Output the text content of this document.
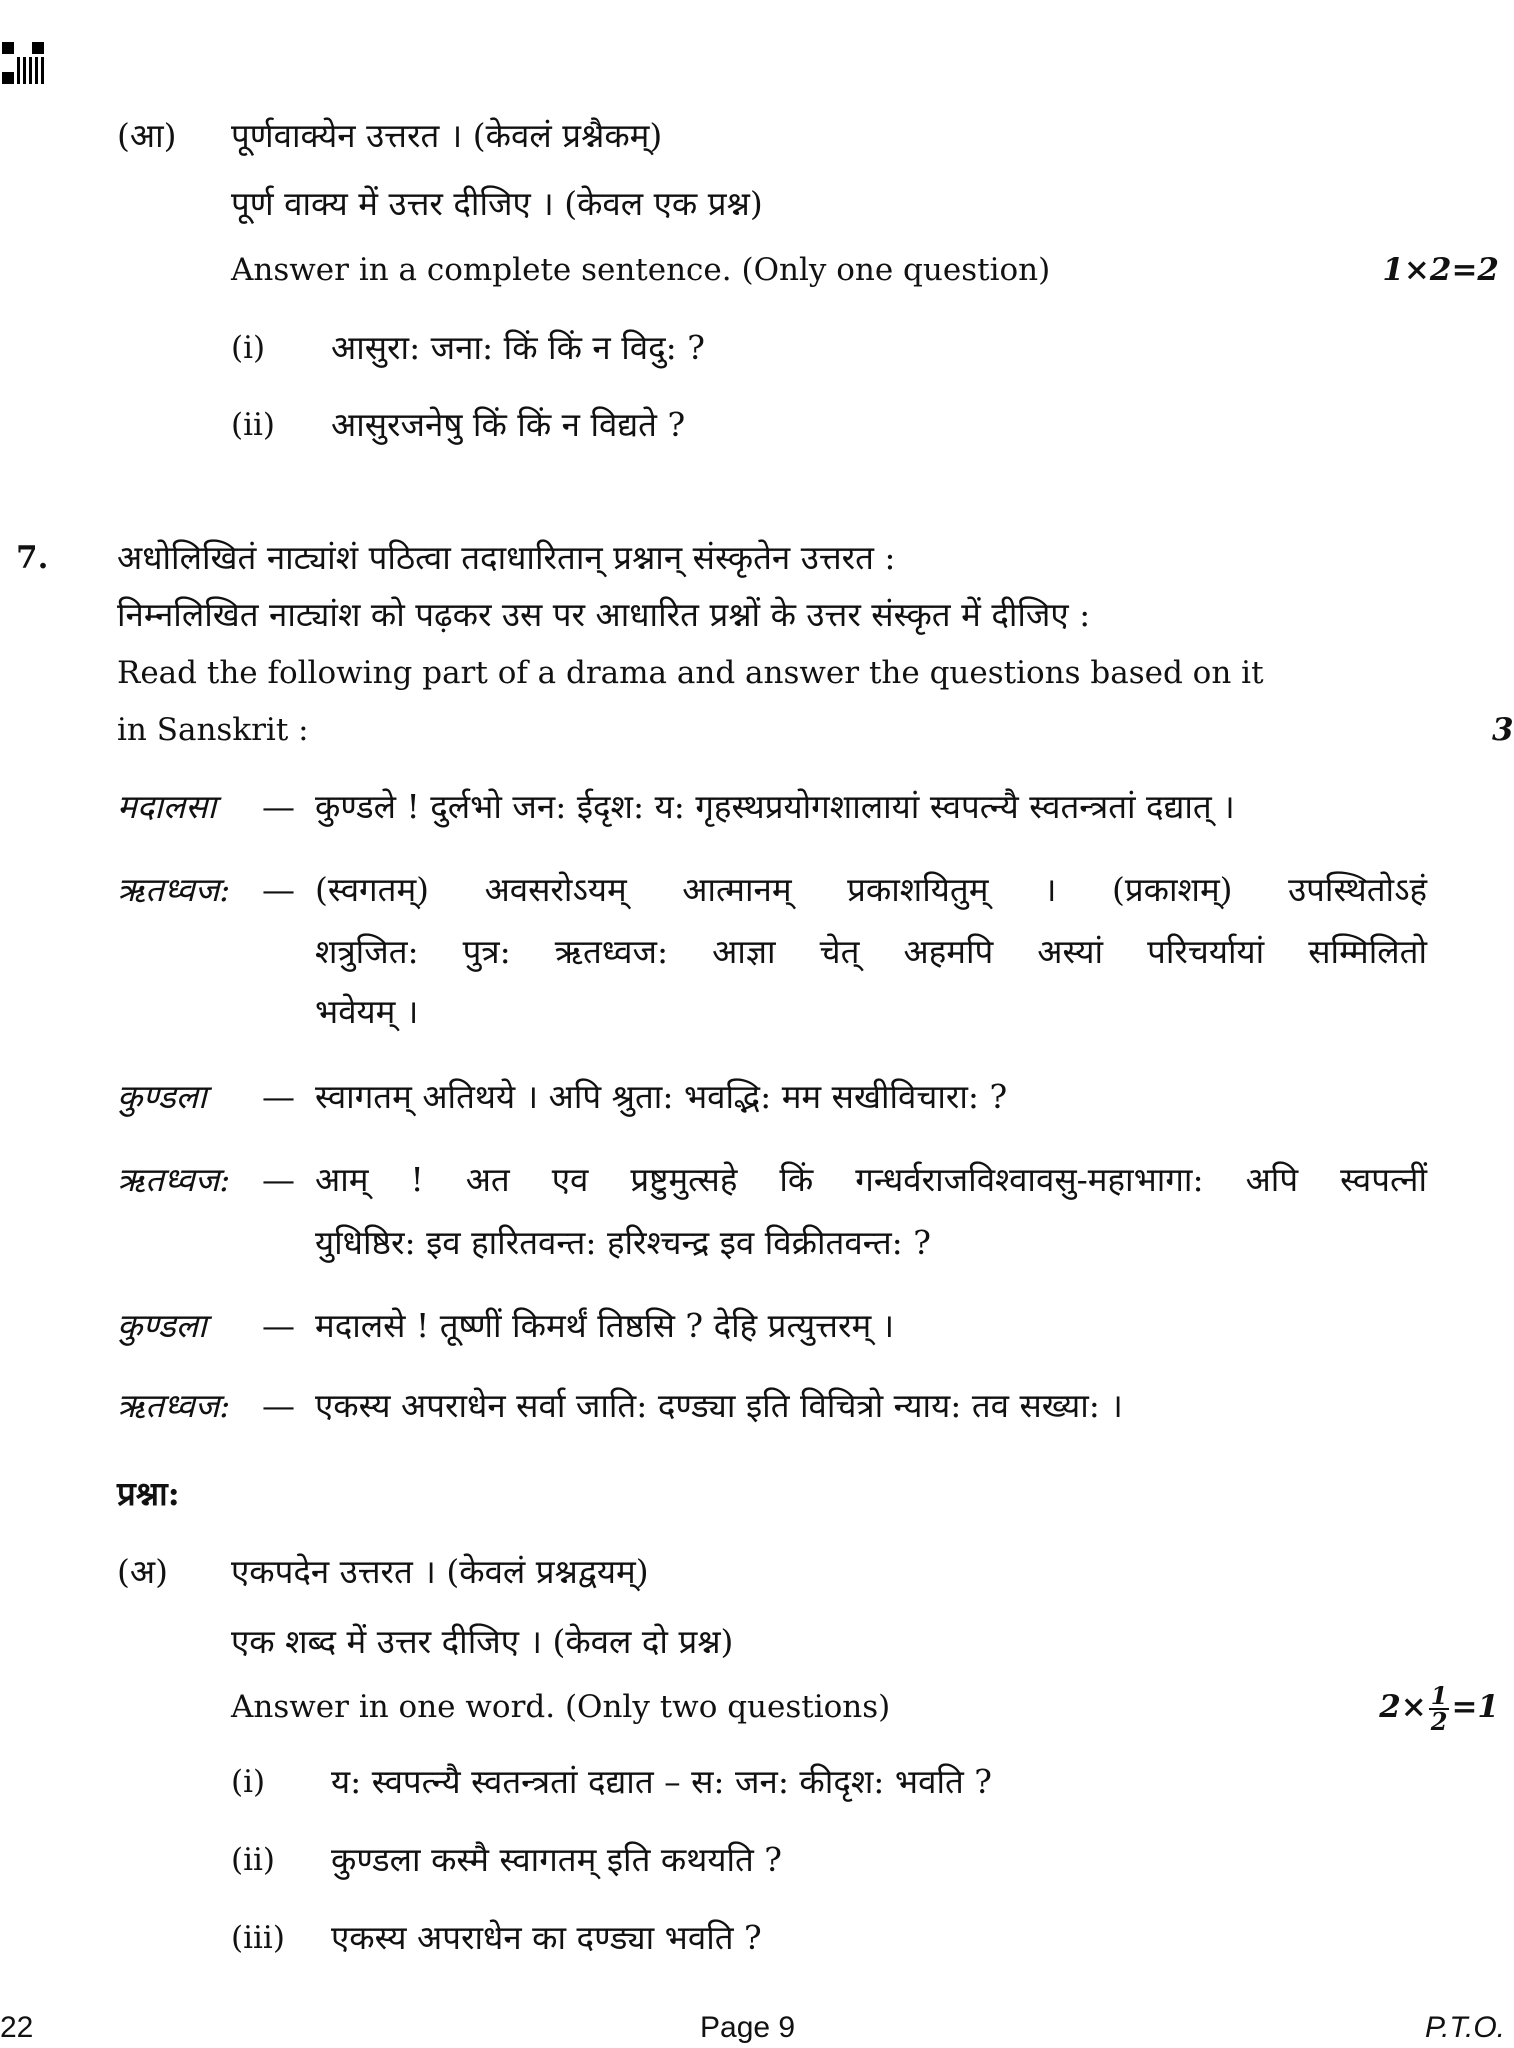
(आ) पूर्णवाक्येन उत्तरत । (केवलं प्रश्नैकम्)
पूर्ण वाक्य में उत्तर दीजिए । (केवल एक प्रश्न)
Answer in a complete sentence. (Only one question)	1×2=2
(i) आसुरा: जना: किं किं न विदु: ?
(ii) आसुरजनेषु किं किं न विद्यते ?
7. अधोलिखितं नाट्यांशं पठित्वा तदाधारितान् प्रश्नान् संस्कृतेन उत्तरत :
निम्नलिखित नाट्यांश को पढ़कर उस पर आधारित प्रश्नों के उत्तर संस्कृत में दीजिए :
Read the following part of a drama and answer the questions based on it
in Sanskrit :	3
मदालसा — कुण्डले ! दुर्लभो जन: ईदृश: य: गृहस्थप्रयोगशालायां स्वपत्न्यै स्वतन्त्रतां दद्यात् ।
ऋतध्वज: — (स्वगतम्) अवसरोऽयम् आत्मानम् प्रकाशयितुम् । (प्रकाशम्) उपस्थितोऽहं
शत्रुजित: पुत्र: ऋतध्वज: आज्ञा चेत् अहमपि अस्यां परिचर्यायां सम्मिलितो
भवेयम् ।
कुण्डला — स्वागतम् अतिथये । अपि श्रुता: भवद्भि: मम सखीविचारा: ?
ऋतध्वज: — आम् ! अत एव प्रष्टुमुत्सहे किं गन्धर्वराजविश्वावसु-महाभागा: अपि स्वपत्नीं
युधिष्ठिर: इव हारितवन्त: हरिश्चन्द्र इव विक्रीतवन्त: ?
कुण्डला — मदालसे ! तूष्णीं किमर्थं तिष्ठसि ? देहि प्रत्युत्तरम् ।
ऋतध्वज: — एकस्य अपराधेन सर्वा जाति: दण्ड्या इति विचित्रो न्याय: तव सख्या: ।
प्रश्ना:
(अ) एकपदेन उत्तरत । (केवलं प्रश्नद्वयम्)
एक शब्द में उत्तर दीजिए । (केवल दो प्रश्न)
Answer in one word. (Only two questions)	$2\times \frac{1}{2} =1$
(i) य: स्वपत्न्यै स्वतन्त्रतां दद्यात – स: जन: कीदृश: भवति ?
(ii) कुण्डला कस्मै स्वागतम् इति कथयति ?
(iii) एकस्य अपराधेन का दण्ड्या भवति ?
22	Page 9	P.T.O.
